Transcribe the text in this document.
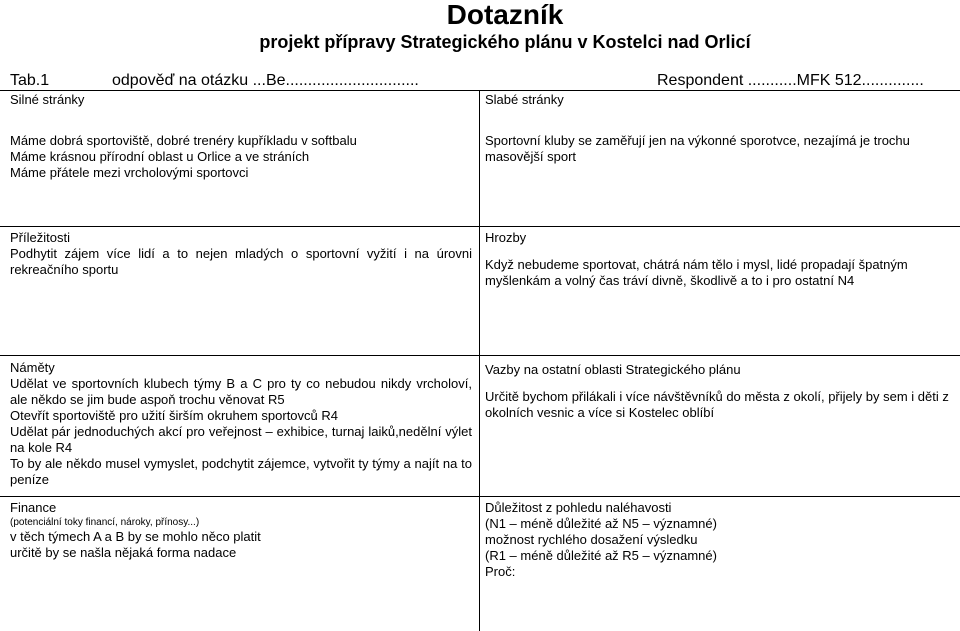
Dotazník
projekt přípravy Strategického plánu v Kostelci nad Orlicí
Tab.1	odpověď na otázku ...Be..............................	Respondent ...........MFK 512..............

Silné stránky

Máme dobrá sportoviště, dobré trenéry kupříkladu v softbalu

Máme krásnou přírodní oblast u Orlice a ve stráních

Máme přátele mezi vrcholovými sportovci

Slabé stránky

Sportovní kluby se zaměřují jen na výkonné sporotvce, nezajímá je trochu masovější sport

Příležitosti

Podhytit zájem více lidí a to nejen mladých o sportovní vyžití i na úrovni rekreačního sportu

Hrozby

Když nebudeme sportovat, chátrá nám tělo i mysl, lidé propadají špatným myšlenkám a volný čas tráví divně, škodlivě a to i pro ostatní N4

Náměty

Udělat ve sportovních klubech týmy B a C pro ty co nebudou nikdy vrcholoví, ale někdo se jim bude aspoň trochu věnovat R5

Otevřít sportoviště pro užití širším okruhem sportovců R4

Udělat pár jednoduchých akcí pro veřejnost – exhibice, turnaj laiků,nedělní výlet na kole R4

To by ale někdo musel vymyslet, podchytit zájemce, vytvořit ty týmy a najít na to peníze

Vazby na ostatní oblasti Strategického plánu

Určitě bychom přilákali i více návštěvníků do města z okolí, přijely by sem i děti z okolních vesnic a více si Kostelec oblíbí

Finance

(potenciální toky financí, nároky, přínosy...)

v těch týmech A a B by se mohlo něco platit

určitě by se našla nějaká forma nadace

Důležitost z pohledu naléhavosti

(N1 – méně důležité až N5 – významné)

možnost rychlého dosažení výsledku

(R1 – méně důležité až R5 – významné)

Proč:
